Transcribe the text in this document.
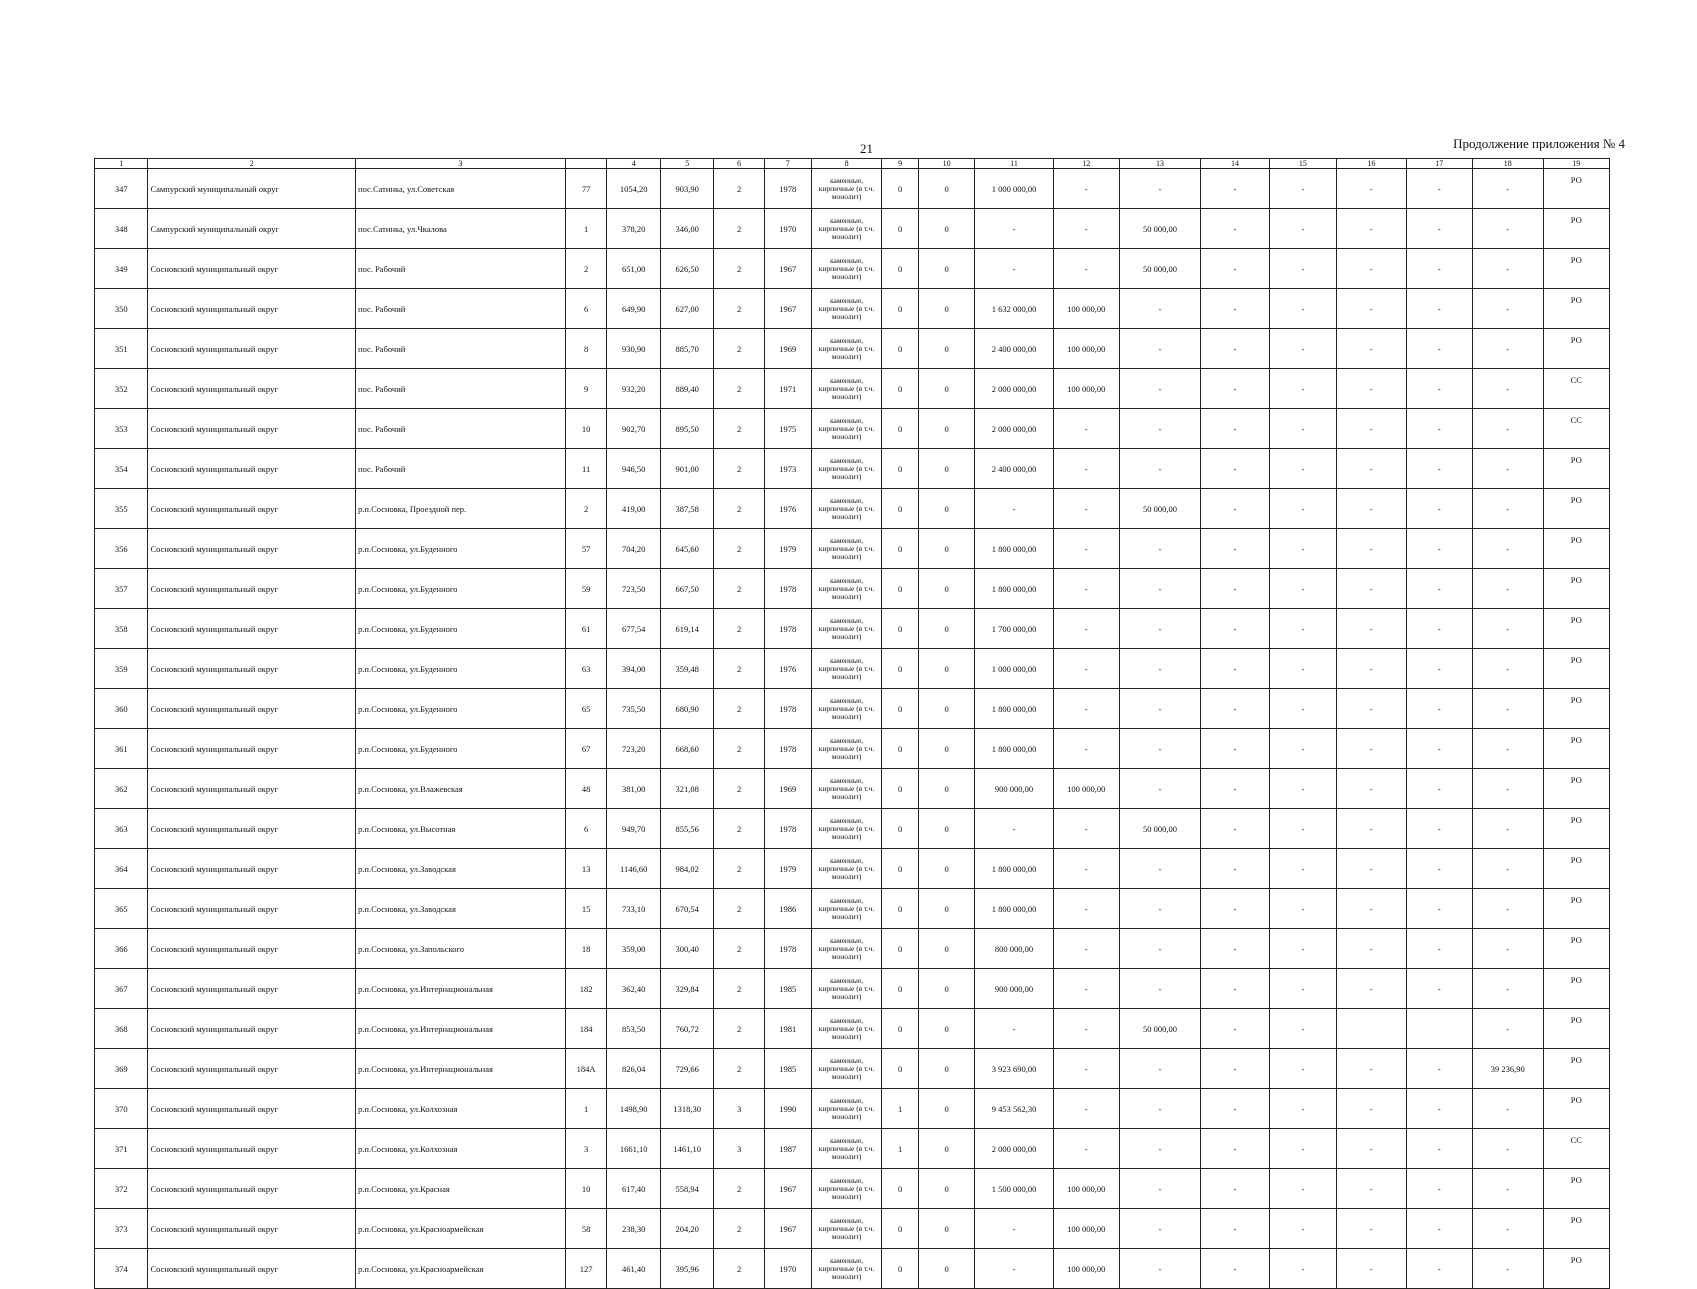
21	Продолжение приложения № 4
1	2	3		4	5	6	7	8	9	10	11	12	13	14	15	16	17	18	19
347	Сампурский муниципальный округ	пос.Сатинка, ул.Советская	77	1054,20	903,90	2	1978	каменные, кирпичные (в т.ч. монолит)	0	0	1 000 000,00	-	-	-	-	-	-	-	РО
348	Сампурский муниципальный округ	пос.Сатинка, ул.Чкалова	1	378,20	346,00	2	1970	каменные, кирпичные (в т.ч. монолит)	0	0	-	-	50 000,00	-	-	-	-	-	РО
349	Сосновский муниципальный округ	пос. Рабочий	2	651,00	626,50	2	1967	каменные, кирпичные (в т.ч. монолит)	0	0	-	-	50 000,00	-	-	-	-	-	РО
350	Сосновский муниципальный округ	пос. Рабочий	6	649,90	627,00	2	1967	каменные, кирпичные (в т.ч. монолит)	0	0	1 632 000,00	100 000,00	-	-	-	-	-	-	РО
351	Сосновский муниципальный округ	пос. Рабочий	8	930,90	885,70	2	1969	каменные, кирпичные (в т.ч. монолит)	0	0	2 400 000,00	100 000,00	-	-	-	-	-	-	РО
352	Сосновский муниципальный округ	пос. Рабочий	9	932,20	889,40	2	1971	каменные, кирпичные (в т.ч. монолит)	0	0	2 000 000,00	100 000,00	-	-	-	-	-	-	СС
353	Сосновский муниципальный округ	пос. Рабочий	10	902,70	895,50	2	1975	каменные, кирпичные (в т.ч. монолит)	0	0	2 000 000,00	-	-	-	-	-	-	-	СС
354	Сосновский муниципальный округ	пос. Рабочий	11	946,50	901,00	2	1973	каменные, кирпичные (в т.ч. монолит)	0	0	2 400 000,00	-	-	-	-	-	-	-	РО
355	Сосновский муниципальный округ	р.п.Сосновка, Проездной пер.	2	419,00	387,58	2	1976	каменные, кирпичные (в т.ч. монолит)	0	0	-	-	50 000,00	-	-	-	-	-	РО
356	Сосновский муниципальный округ	р.п.Сосновка, ул.Буденного	57	704,20	645,60	2	1979	каменные, кирпичные (в т.ч. монолит)	0	0	1 800 000,00	-	-	-	-	-	-	-	РО
357	Сосновский муниципальный округ	р.п.Сосновка, ул.Буденного	59	723,50	667,50	2	1978	каменные, кирпичные (в т.ч. монолит)	0	0	1 800 000,00	-	-	-	-	-	-	-	РО
358	Сосновский муниципальный округ	р.п.Сосновка, ул.Буденного	61	677,54	619,14	2	1978	каменные, кирпичные (в т.ч. монолит)	0	0	1 700 000,00	-	-	-	-	-	-	-	РО
359	Сосновский муниципальный округ	р.п.Сосновка, ул.Буденного	63	394,00	359,48	2	1976	каменные, кирпичные (в т.ч. монолит)	0	0	1 000 000,00	-	-	-	-	-	-	-	РО
360	Сосновский муниципальный округ	р.п.Сосновка, ул.Буденного	65	735,50	680,90	2	1978	каменные, кирпичные (в т.ч. монолит)	0	0	1 800 000,00	-	-	-	-	-	-	-	РО
361	Сосновский муниципальный округ	р.п.Сосновка, ул.Буденного	67	723,20	668,60	2	1978	каменные, кирпичные (в т.ч. монолит)	0	0	1 800 000,00	-	-	-	-	-	-	-	РО
362	Сосновский муниципальный округ	р.п.Сосновка, ул.Влажевская	48	381,00	321,08	2	1969	каменные, кирпичные (в т.ч. монолит)	0	0	900 000,00	100 000,00	-	-	-	-	-	-	РО
363	Сосновский муниципальный округ	р.п.Сосновка, ул.Высотная	6	949,70	855,56	2	1978	каменные, кирпичные (в т.ч. монолит)	0	0	-	-	50 000,00	-	-	-	-	-	РО
364	Сосновский муниципальный округ	р.п.Сосновка, ул.Заводская	13	1146,60	984,02	2	1979	каменные, кирпичные (в т.ч. монолит)	0	0	1 800 000,00	-	-	-	-	-	-	-	РО
365	Сосновский муниципальный округ	р.п.Сосновка, ул.Заводская	15	733,10	670,54	2	1986	каменные, кирпичные (в т.ч. монолит)	0	0	1 800 000,00	-	-	-	-	-	-	-	РО
366	Сосновский муниципальный округ	р.п.Сосновка, ул.Запольского	18	359,00	300,40	2	1978	каменные, кирпичные (в т.ч. монолит)	0	0	800 000,00	-	-	-	-	-	-	-	РО
367	Сосновский муниципальный округ	р.п.Сосновка, ул.Интернациональная	182	362,40	329,84	2	1985	каменные, кирпичные (в т.ч. монолит)	0	0	900 000,00	-	-	-	-	-	-	-	РО
368	Сосновский муниципальный округ	р.п.Сосновка, ул.Интернациональная	184	853,50	760,72	2	1981	каменные, кирпичные (в т.ч. монолит)	0	0	-	-	50 000,00	-	-			-	РО
369	Сосновский муниципальный округ	р.п.Сосновка, ул.Интернациональная	184А	826,04	729,66	2	1985	каменные, кирпичные (в т.ч. монолит)	0	0	3 923 690,00	-	-	-	-	-	-	39 236,90	РО
370	Сосновский муниципальный округ	р.п.Сосновка, ул.Колхозная	1	1498,90	1318,30	3	1990	каменные, кирпичные (в т.ч. монолит)	1	0	9 453 562,30	-	-	-	-	-	-	-	РО
371	Сосновский муниципальный округ	р.п.Сосновка, ул.Колхозная	3	1661,10	1461,10	3	1987	каменные, кирпичные (в т.ч. монолит)	1	0	2 000 000,00	-	-	-	-	-	-	-	СС
372	Сосновский муниципальный округ	р.п.Сосновка, ул.Красная	10	617,40	558,94	2	1967	каменные, кирпичные (в т.ч. монолит)	0	0	1 500 000,00	100 000,00	-	-	-	-	-	-	РО
373	Сосновский муниципальный округ	р.п.Сосновка, ул.Красноармейская	58	238,30	204,20	2	1967	каменные, кирпичные (в т.ч. монолит)	0	0	-	100 000,00	-	-	-	-	-	-	РО
374	Сосновский муниципальный округ	р.п.Сосновка, ул.Красноармейская	127	461,40	395,96	2	1970	каменные, кирпичные (в т.ч. монолит)	0	0	-	100 000,00	-	-	-	-	-	-	РО
